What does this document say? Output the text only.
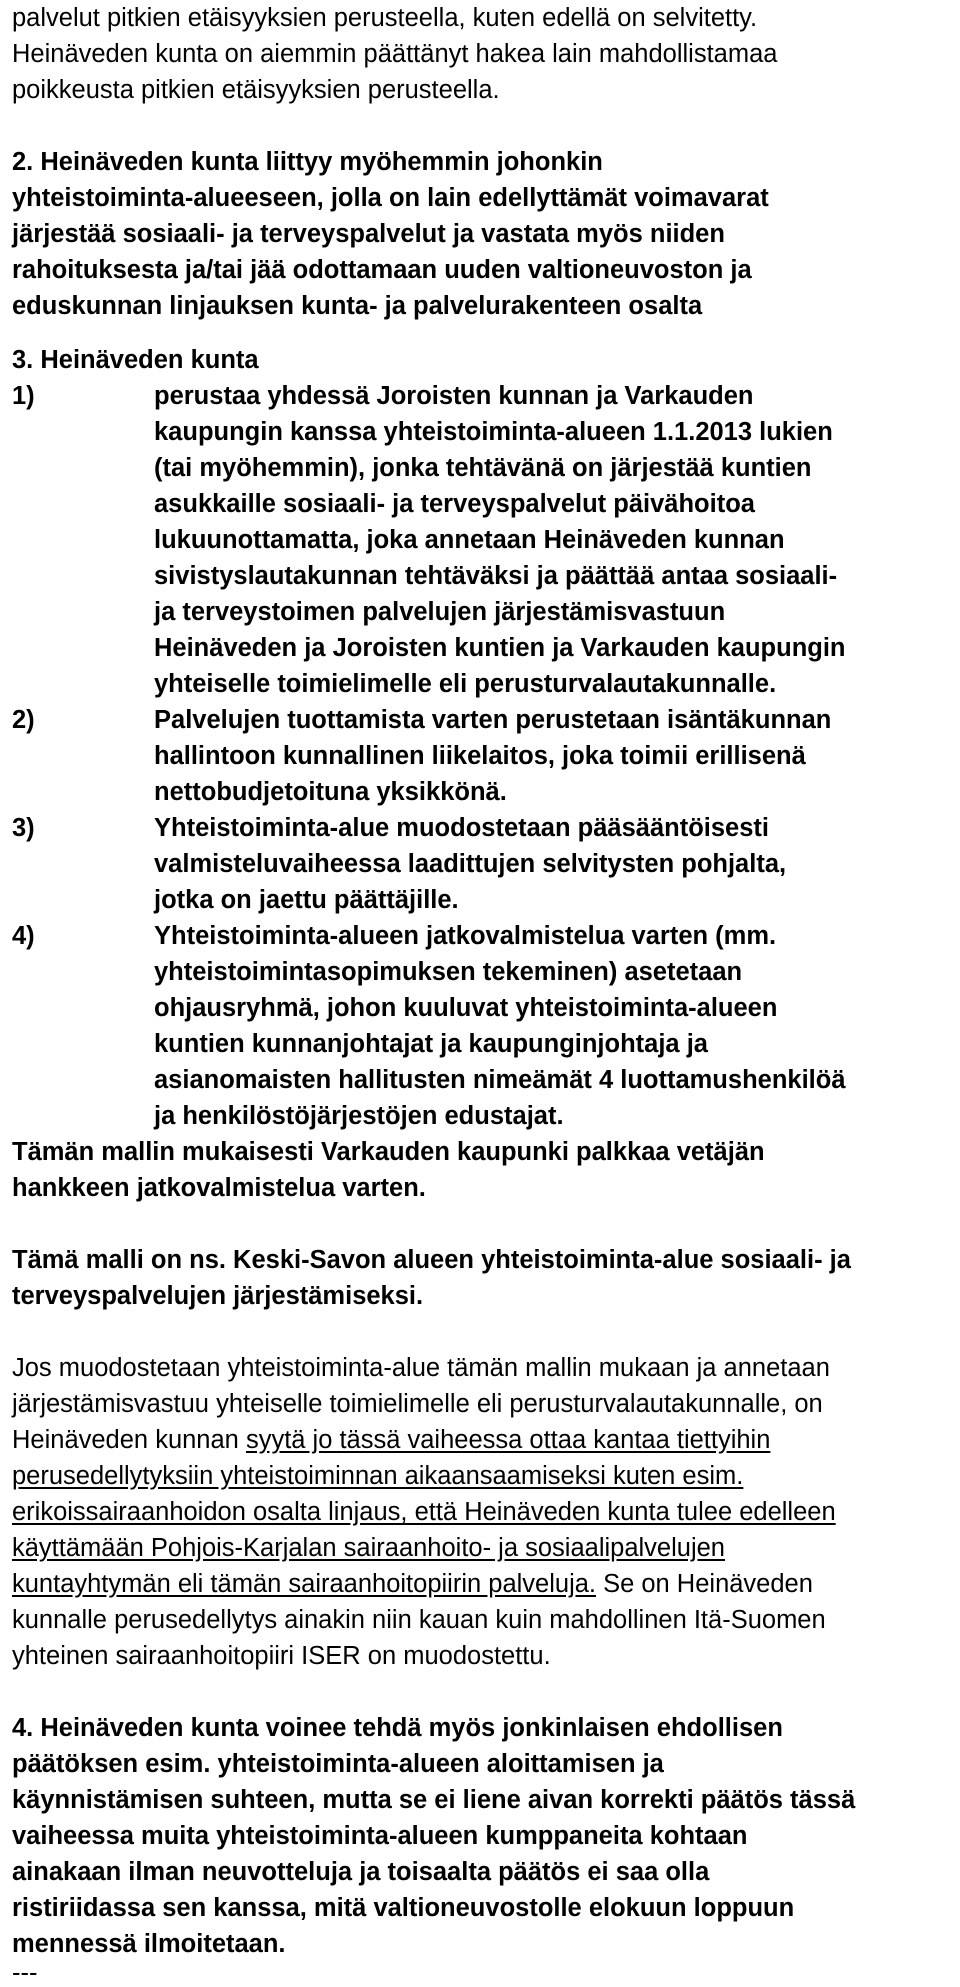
palvelut pitkien etäisyyksien perusteella, kuten edellä on selvitetty.
Heinäveden kunta on aiemmin päättänyt hakea lain mahdollistamaa
poikkeusta pitkien etäisyyksien perusteella.
2. Heinäveden kunta liittyy myöhemmin johonkin
yhteistoiminta-alueeseen, jolla on lain edellyttämät voimavarat
järjestää sosiaali- ja terveyspalvelut ja vastata myös niiden
rahoituksesta ja/tai jää odottamaan uuden valtioneuvoston ja
eduskunnan linjauksen kunta- ja palvelurakenteen osalta
3. Heinäveden kunta
1)	perustaa yhdessä Joroisten kunnan ja Varkauden
kaupungin kanssa yhteistoiminta-alueen 1.1.2013 lukien
(tai myöhemmin), jonka tehtävänä on järjestää kuntien
asukkaille sosiaali- ja terveyspalvelut päivähoitoa
lukuunottamatta, joka annetaan Heinäveden kunnan
sivistyslautakunnan tehtäväksi ja päättää antaa sosiaali-
ja terveystoimen palvelujen järjestämisvastuun
Heinäveden ja Joroisten kuntien ja Varkauden kaupungin
yhteiselle toimielimelle eli perusturvalautakunnalle.
2)	Palvelujen tuottamista varten perustetaan isäntäkunnan
hallintoon kunnallinen liikelaitos, joka toimii erillisenä
nettobudjetoituna yksikkönä.
3)	Yhteistoiminta-alue muodostetaan pääsääntöisesti
valmisteluvaiheessa laadittujen selvitysten pohjalta,
jotka on jaettu päättäjille.
4)	Yhteistoiminta-alueen jatkovalmistelua varten (mm.
yhteistoimintasopimuksen tekeminen) asetetaan
ohjausryhmä, johon kuuluvat yhteistoiminta-alueen
kuntien kunnanjohtajat ja kaupunginjohtaja ja
asianomaisten hallitusten nimeämät 4 luottamushenkilöä
ja henkilöstöjärjestöjen edustajat.
Tämän mallin mukaisesti Varkauden kaupunki palkkaa vetäjän
hankkeen jatkovalmistelua varten.
Tämä malli on ns. Keski-Savon alueen yhteistoiminta-alue sosiaali- ja
terveyspalvelujen järjestämiseksi.
Jos muodostetaan yhteistoiminta-alue tämän mallin mukaan ja annetaan
järjestämisvastuu yhteiselle toimielimelle eli perusturvalautakunnalle, on
Heinäveden kunnan syytä jo tässä vaiheessa ottaa kantaa tiettyihin
perusedellytyksiin yhteistoiminnan aikaansaamiseksi kuten esim.
erikoissairaanhoidon osalta linjaus, että Heinäveden kunta tulee edelleen
käyttämään Pohjois-Karjalan sairaanhoito- ja sosiaalipalvelujen
kuntayhtymän eli tämän sairaanhoitopiirin palveluja. Se on Heinäveden
kunnalle perusedellytys ainakin niin kauan kuin mahdollinen Itä-Suomen
yhteinen sairaanhoitopiiri ISER on muodostettu.
4. Heinäveden kunta voinee tehdä myös jonkinlaisen ehdollisen
päätöksen esim. yhteistoiminta-alueen aloittamisen ja
käynnistämisen suhteen, mutta se ei liene aivan korrekti päätös tässä
vaiheessa muita yhteistoiminta-alueen kumppaneita kohtaan
ainakaan ilman neuvotteluja ja toisaalta päätös ei saa olla
ristiriidassa sen kanssa, mitä valtioneuvostolle elokuun loppuun
mennessä ilmoitetaan.
---
